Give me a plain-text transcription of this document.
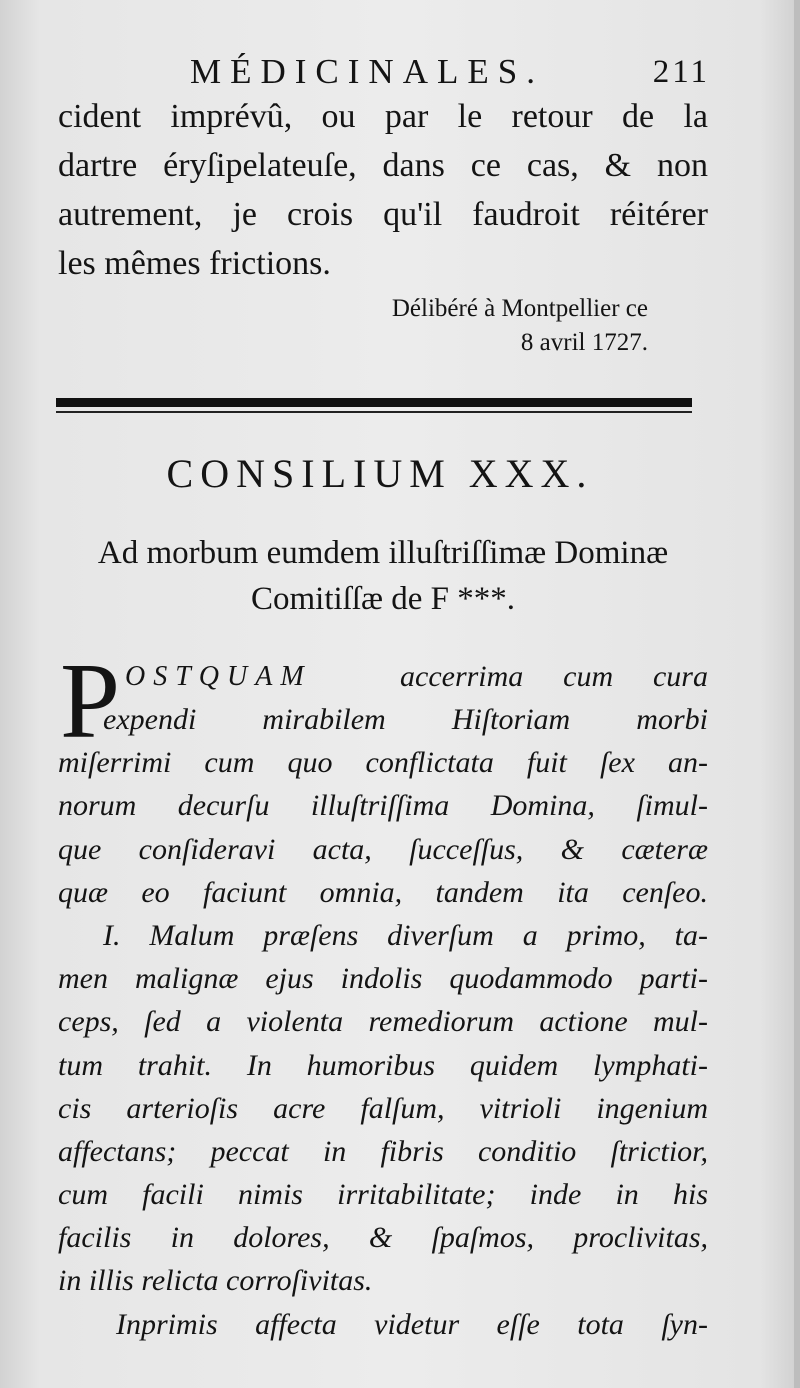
MÉDICINALES.	211
cident imprévû, ou par le retour de la
dartre éryſipelateuſe, dans ce cas, & non
autrement, je crois qu'il faudroit réitérer
les mêmes frictions.
Délibéré à Montpellier ce
8 avril 1727.
CONSILIUM XXX.
Ad morbum eumdem illuſtriſſimæ Dominæ
Comitiſſæ de F ***.
P OSTQUAM	accerrima cum cura
expendi mirabilem Hiſtoriam morbi
miſerrimi cum quo conflictata fuit ſex an-
norum decurſu illuſtriſſima Domina, ſimul-
que conſideravi acta, ſucceſſus, & cæteræ
quæ eo faciunt omnia, tandem ita cenſeo.
I. Malum præſens diverſum a primo, ta-
men malignæ ejus indolis quodammodo parti-
ceps, ſed a violenta remediorum actione mul-
tum trahit. In humoribus quidem lymphati-
cis arterioſis acre falſum, vitrioli ingenium
affectans; peccat in fibris conditio ſtrictior,
cum facili nimis irritabilitate; inde in his
facilis in dolores, & ſpaſmos, proclivitas,
in illis relicta corroſivitas.
Inprimis affecta videtur eſſe tota ſyn-
